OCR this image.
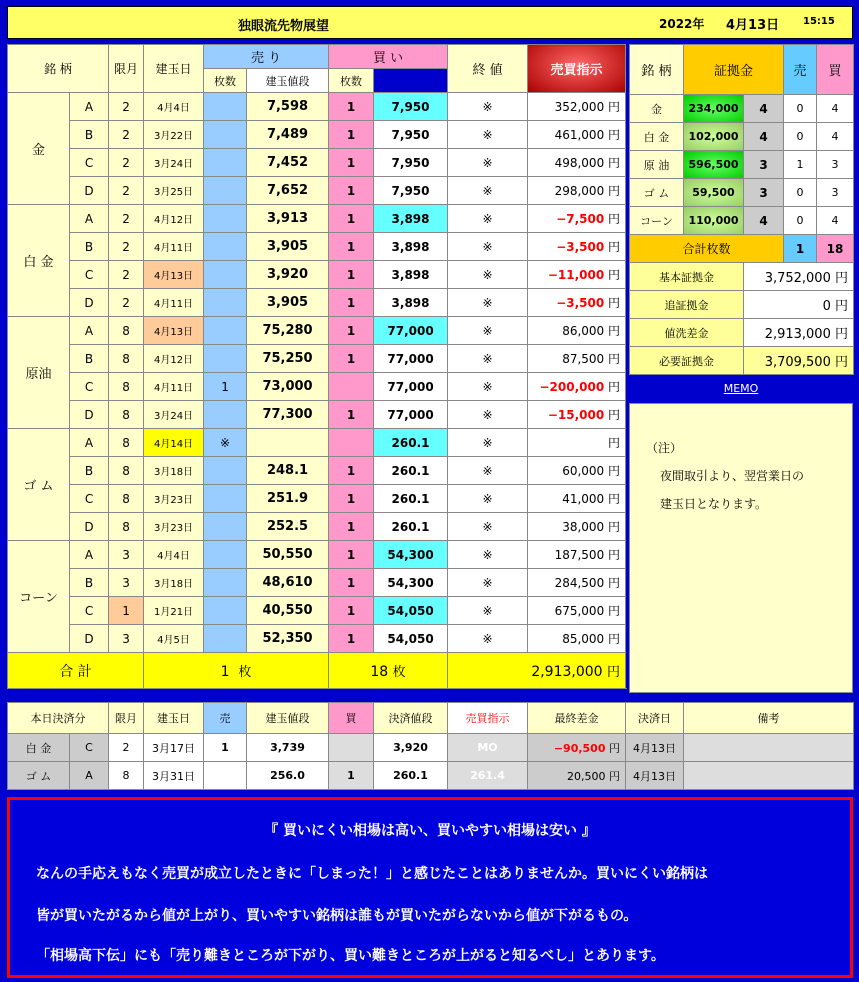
独眼流先物展望	2022年 4月13日 15:15
銘 柄		限月	建玉日	売 り		買 い		終 値	売買指示	
				枚数	建玉値段	枚数				
金	A	2	4月4日		7,598	1	7,950	※	352,000 円	
	B	2	3月22日		7,489	1	7,950	※	461,000 円	
	C	2	3月24日		7,452	1	7,950	※	498,000 円	
	D	2	3月25日		7,652	1	7,950	※	298,000 円	
白 金	A	2	4月12日		3,913	1	3,898	※	−7,500 円	
	B	2	4月11日		3,905	1	3,898	※	−3,500 円	
	C	2	4月13日		3,920	1	3,898	※	−11,000 円	
	D	2	4月11日		3,905	1	3,898	※	−3,500 円	
原油	A	8	4月13日		75,280	1	77,000	※	86,000 円	
	B	8	4月12日		75,250	1	77,000	※	87,500 円	
	C	8	4月11日	1	73,000		77,000	※	−200,000 円	
	D	8	3月24日		77,300	1	77,000	※	−15,000 円	
ゴ ム	A	8	4月14日	※			260.1	※	円	
	B	8	3月18日		248.1	1	260.1	※	60,000 円	
	C	8	3月23日		251.9	1	260.1	※	41,000 円	
	D	8	3月23日		252.5	1	260.1	※	38,000 円	
コーン	A	3	4月4日		50,550	1	54,300	※	187,500 円	
	B	3	3月18日		48,610	1	54,300	※	284,500 円	
	C	1	1月21日		40,550	1	54,050	※	675,000 円	
	D	3	4月5日		52,350	1	54,050	※	85,000 円	
合 計			1 枚			18 枚		2,913,000 円		
銘 柄	証拠金		売	買
金	234,000	4	0	4
白 金	102,000	4	0	4
原 油	596,500	3	1	3
ゴ ム	59,500	3	0	3
コーン	110,000	4	0	4
合計枚数			1	18
基本証拠金		3,752,000 円		
追証拠金		0 円		
値洗差金		2,913,000 円		
必要証拠金		3,709,500 円		
MEMO
（注）
夜間取引より、翌営業日の
建玉日となります。
本日決済分		限月	建玉日	売	建玉値段	買	決済値段	売買指示	最終差金	決済日	備考
白 金	C	2	3月17日	1	3,739		3,920	MO	−90,500 円	4月13日	
ゴ ム	A	8	3月31日		256.0	1	260.1	261.4	20,500 円	4月13日	
『 買いにくい相場は高い、買いやすい相場は安い 』
なんの手応えもなく売買が成立したときに「しまった！」と感じたことはありませんか。買いにくい銘柄は
皆が買いたがるから値が上がり、買いやすい銘柄は誰もが買いたがらないから値が下がるもの。
「相場高下伝」にも「売り難きところが下がり、買い難きところが上がると知るべし」とあります。
